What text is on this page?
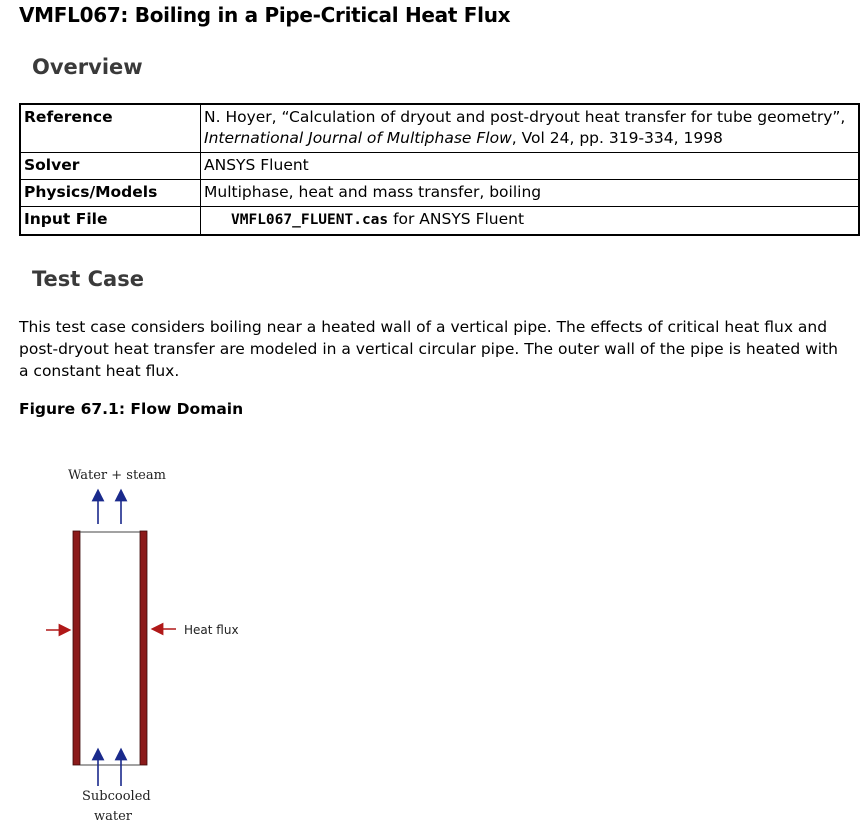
VMFL067: Boiling in a Pipe-Critical Heat Flux
Overview
Reference	N. Hoyer, “Calculation of dryout and post-dryout heat transfer for tube geometry”, International Journal of Multiphase Flow, Vol 24, pp. 319-334, 1998
Solver	ANSYS Fluent
Physics/Models	Multiphase, heat and mass transfer, boiling
Input File	VMFL067_FLUENT.cas for ANSYS Fluent
Test Case
This test case considers boiling near a heated wall of a vertical pipe. The effects of critical heat flux and post-dryout heat transfer are modeled in a vertical circular pipe. The outer wall of the pipe is heated with a constant heat flux.
Figure 67.1: Flow Domain
Water + steam
Heat flux
Subcooled
water
